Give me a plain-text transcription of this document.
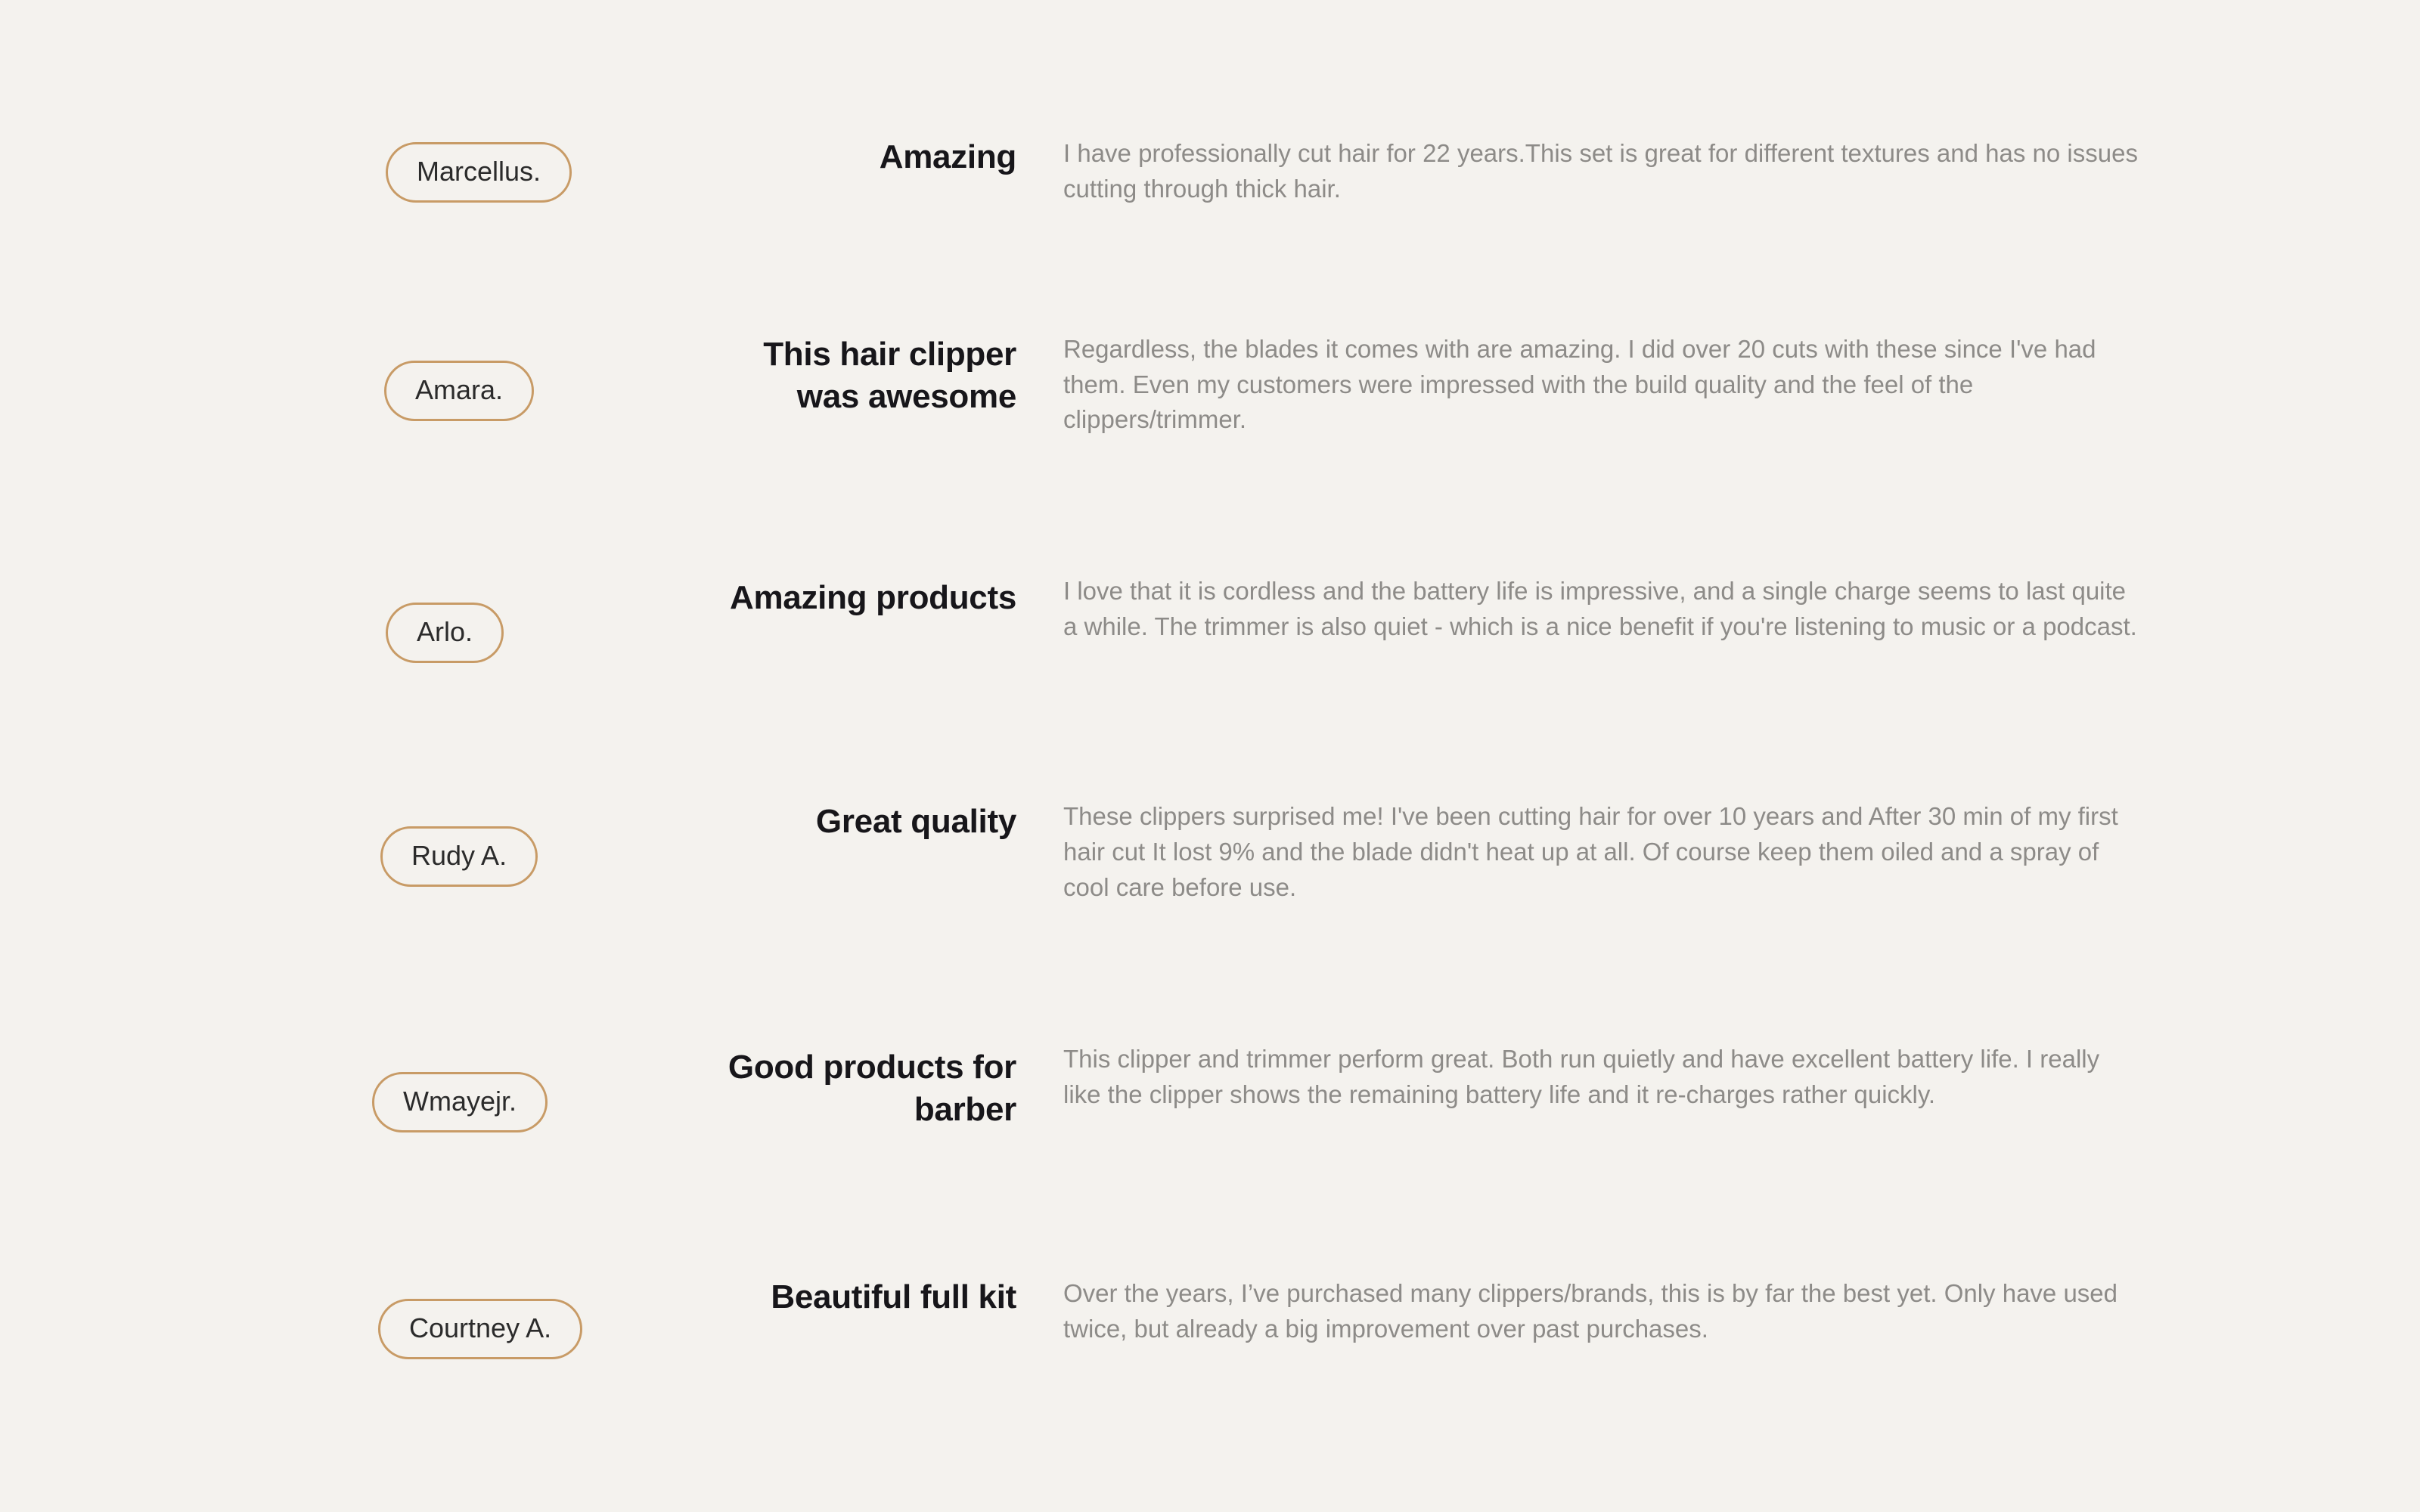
Marcellus.	Amazing I have professionally cut hair for 22 years.This set is great for different textures and has no issues cutting through thick hair.
Amara.
This hair clipper was awesome
Regardless, the blades it comes with are amazing. I did over 20 cuts with these since I've had them. Even my customers were impressed with the build quality and the feel of the clippers/trimmer.
Arlo.
Amazing products I love that it is cordless and the battery life is impressive, and a single charge seems to last quite a while. The trimmer is also quiet - which is a nice benefit if you're listening to music or a podcast.
Rudy A.
Great quality These clippers surprised me! I've been cutting hair for over 10 years and After 30 min of my first hair cut It lost 9% and the blade didn't heat up at all. Of course keep them oiled and a spray of cool care before use.
Wmayejr.
Good products for barber
This clipper and trimmer perform great. Both run quietly and have excellent battery life. I really like the clipper shows the remaining battery life and it re-charges rather quickly.
Courtney A.
Beautiful full kit Over the years, I’ve purchased many clippers/brands, this is by far the best yet. Only have used twice, but already a big improvement over past purchases.
